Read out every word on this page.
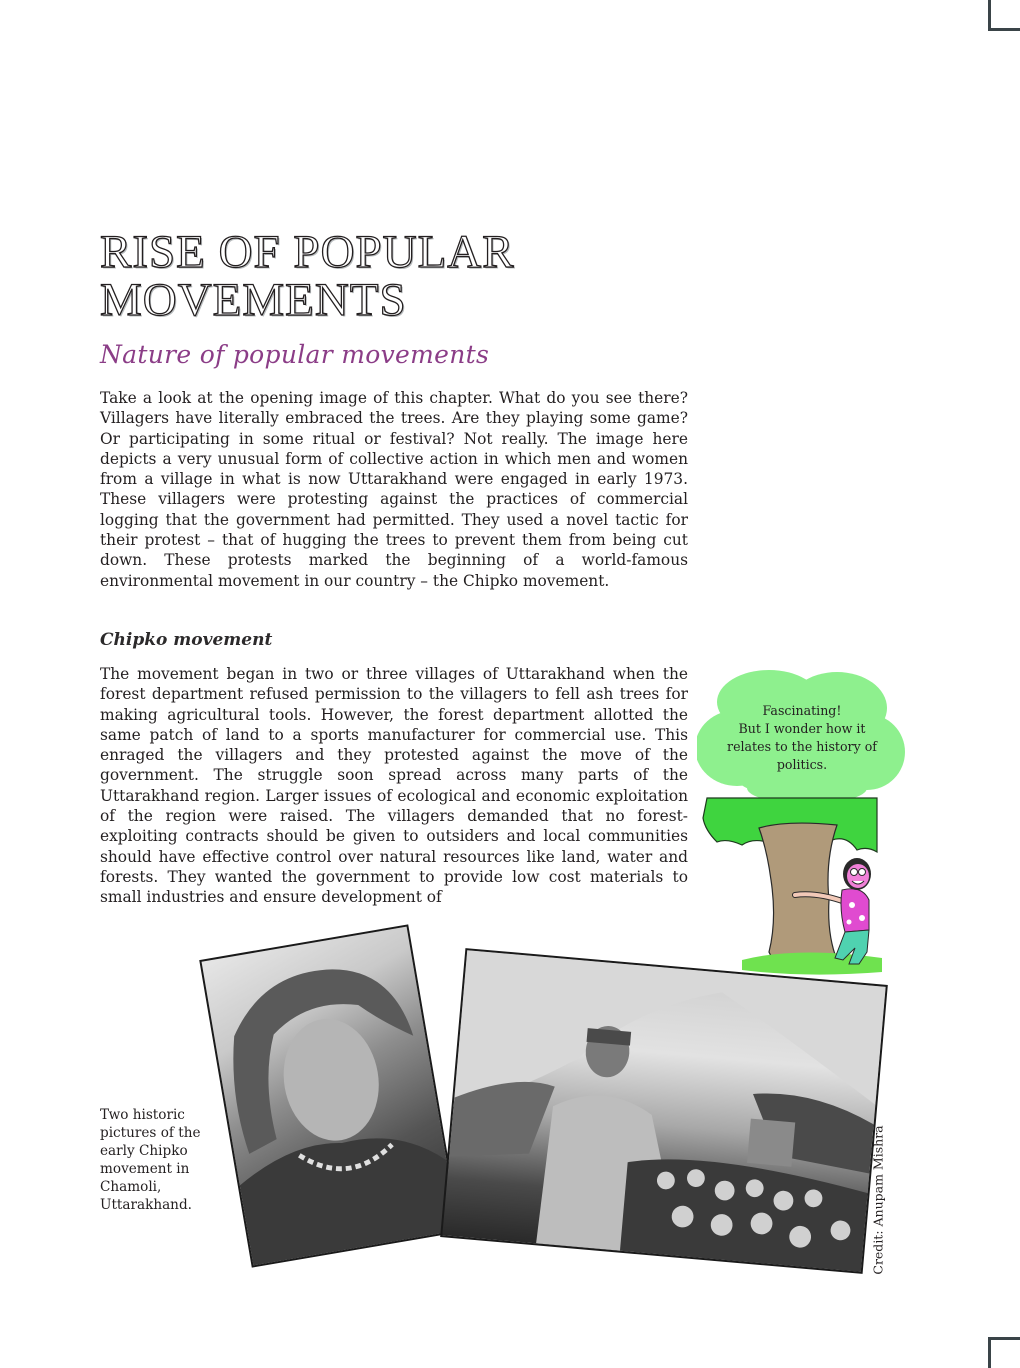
RISE OF POPULAR
MOVEMENTS
Nature of popular movements

Take a look at the opening image of this chapter. What do you see there? Villagers have literally embraced the trees. Are they playing some game? Or participating in some ritual or festival? Not really. The image here depicts a very unusual form of collective action in which men and women from a village in what is now Uttarakhand were engaged in early 1973. These villagers were protesting against the practices of commercial logging that the government had permitted. They used a novel tactic for their protest – that of hugging the trees to prevent them from being cut down. These protests marked the beginning of a world-famous environmental movement in our country – the Chipko movement.

Chipko movement

The movement began in two or three villages of Uttarakhand when the forest department refused permission to the villagers to fell ash trees for making agricultural tools. However, the forest department allotted the same patch of land to a sports manufacturer for commercial use. This enraged the villagers and they protested against the move of the government. The struggle soon spread across many parts of the Uttarakhand region. Larger issues of ecological and economic exploitation of the region were raised. The villagers demanded that no forest-exploiting contracts should be given to outsiders and local communities should have effective control over natural resources like land, water and forests. They wanted the government to provide low cost materials to small industries and ensure development of

Fascinating!
But I wonder how it
relates to the history of
politics.

Two historic
pictures of the
early Chipko
movement in
Chamoli,
Uttarakhand.	Credit: Anupam Mishra
